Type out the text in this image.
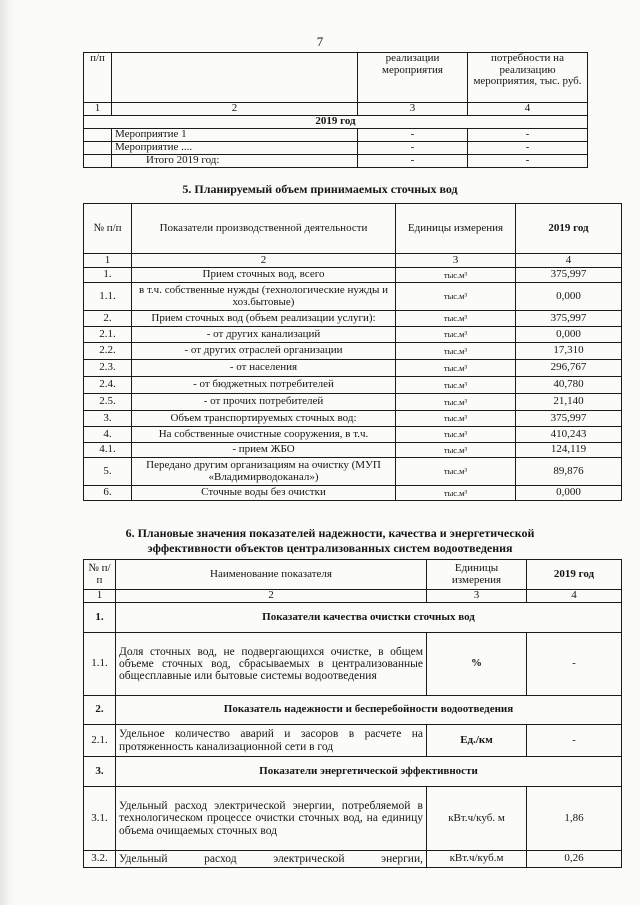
7
п/п		реализации мероприятия	потребности на реализацию мероприятия, тыс. руб.
1	2	3	4
2019 год			
	Мероприятие 1	-	-
	Мероприятие ....	-	-
	Итого 2019 год:	-	-
5. Планируемый объем принимаемых сточных вод
№ п/п	Показатели производственной деятельности	Единицы измерения	2019 год
1	2	3	4
1.	Прием сточных вод, всего	тыс.м³	375,997
1.1.	в т.ч. собственные нужды (технологические нужды и хоз.бытовые)	тыс.м³	0,000
2.	Прием сточных вод (объем реализации услуги):	тыс.м³	375,997
2.1.	- от других канализаций	тыс.м³	0,000
2.2.	- от других отраслей организации	тыс.м³	17,310
2.3.	- от населения	тыс.м³	296,767
2.4.	- от бюджетных потребителей	тыс.м³	40,780
2.5.	- от прочих потребителей	тыс.м³	21,140
3.	Объем транспортируемых сточных вод:	тыс.м³	375,997
4.	На собственные очистные сооружения, в т.ч.	тыс.м³	410,243
4.1.	- прием ЖБО	тыс.м³	124,119
5.	Передано другим организациям на очистку (МУП «Владимирводоканал»)	тыс.м³	89,876
6.	Сточные воды без очистки	тыс.м³	0,000
6. Плановые значения показателей надежности, качества и энергетической
эффективности объектов централизованных систем водоотведения
№ п/п	Наименование показателя	Единицы измерения	2019 год
1	2	3	4
1.	Показатели качества очистки сточных вод		
1.1.	Доля сточных вод, не подвергающихся очистке, в общем объеме сточных вод, сбрасываемых в централизованные общесплавные или бытовые системы водоотведения	%	-
2.	Показатель надежности и бесперебойности водоотведения		
2.1.	Удельное количество аварий и засоров в расчете на протяженность канализационной сети в год	Ед./км	-
3.	Показатели энергетической эффективности		
3.1.	Удельный расход электрической энергии, потребляемой в технологическом процессе очистки сточных вод, на единицу объема очищаемых сточных вод	кВт.ч/куб. м	1,86
3.2.	Удельный расход электрической энергии,	кВт.ч/куб.м	0,26
